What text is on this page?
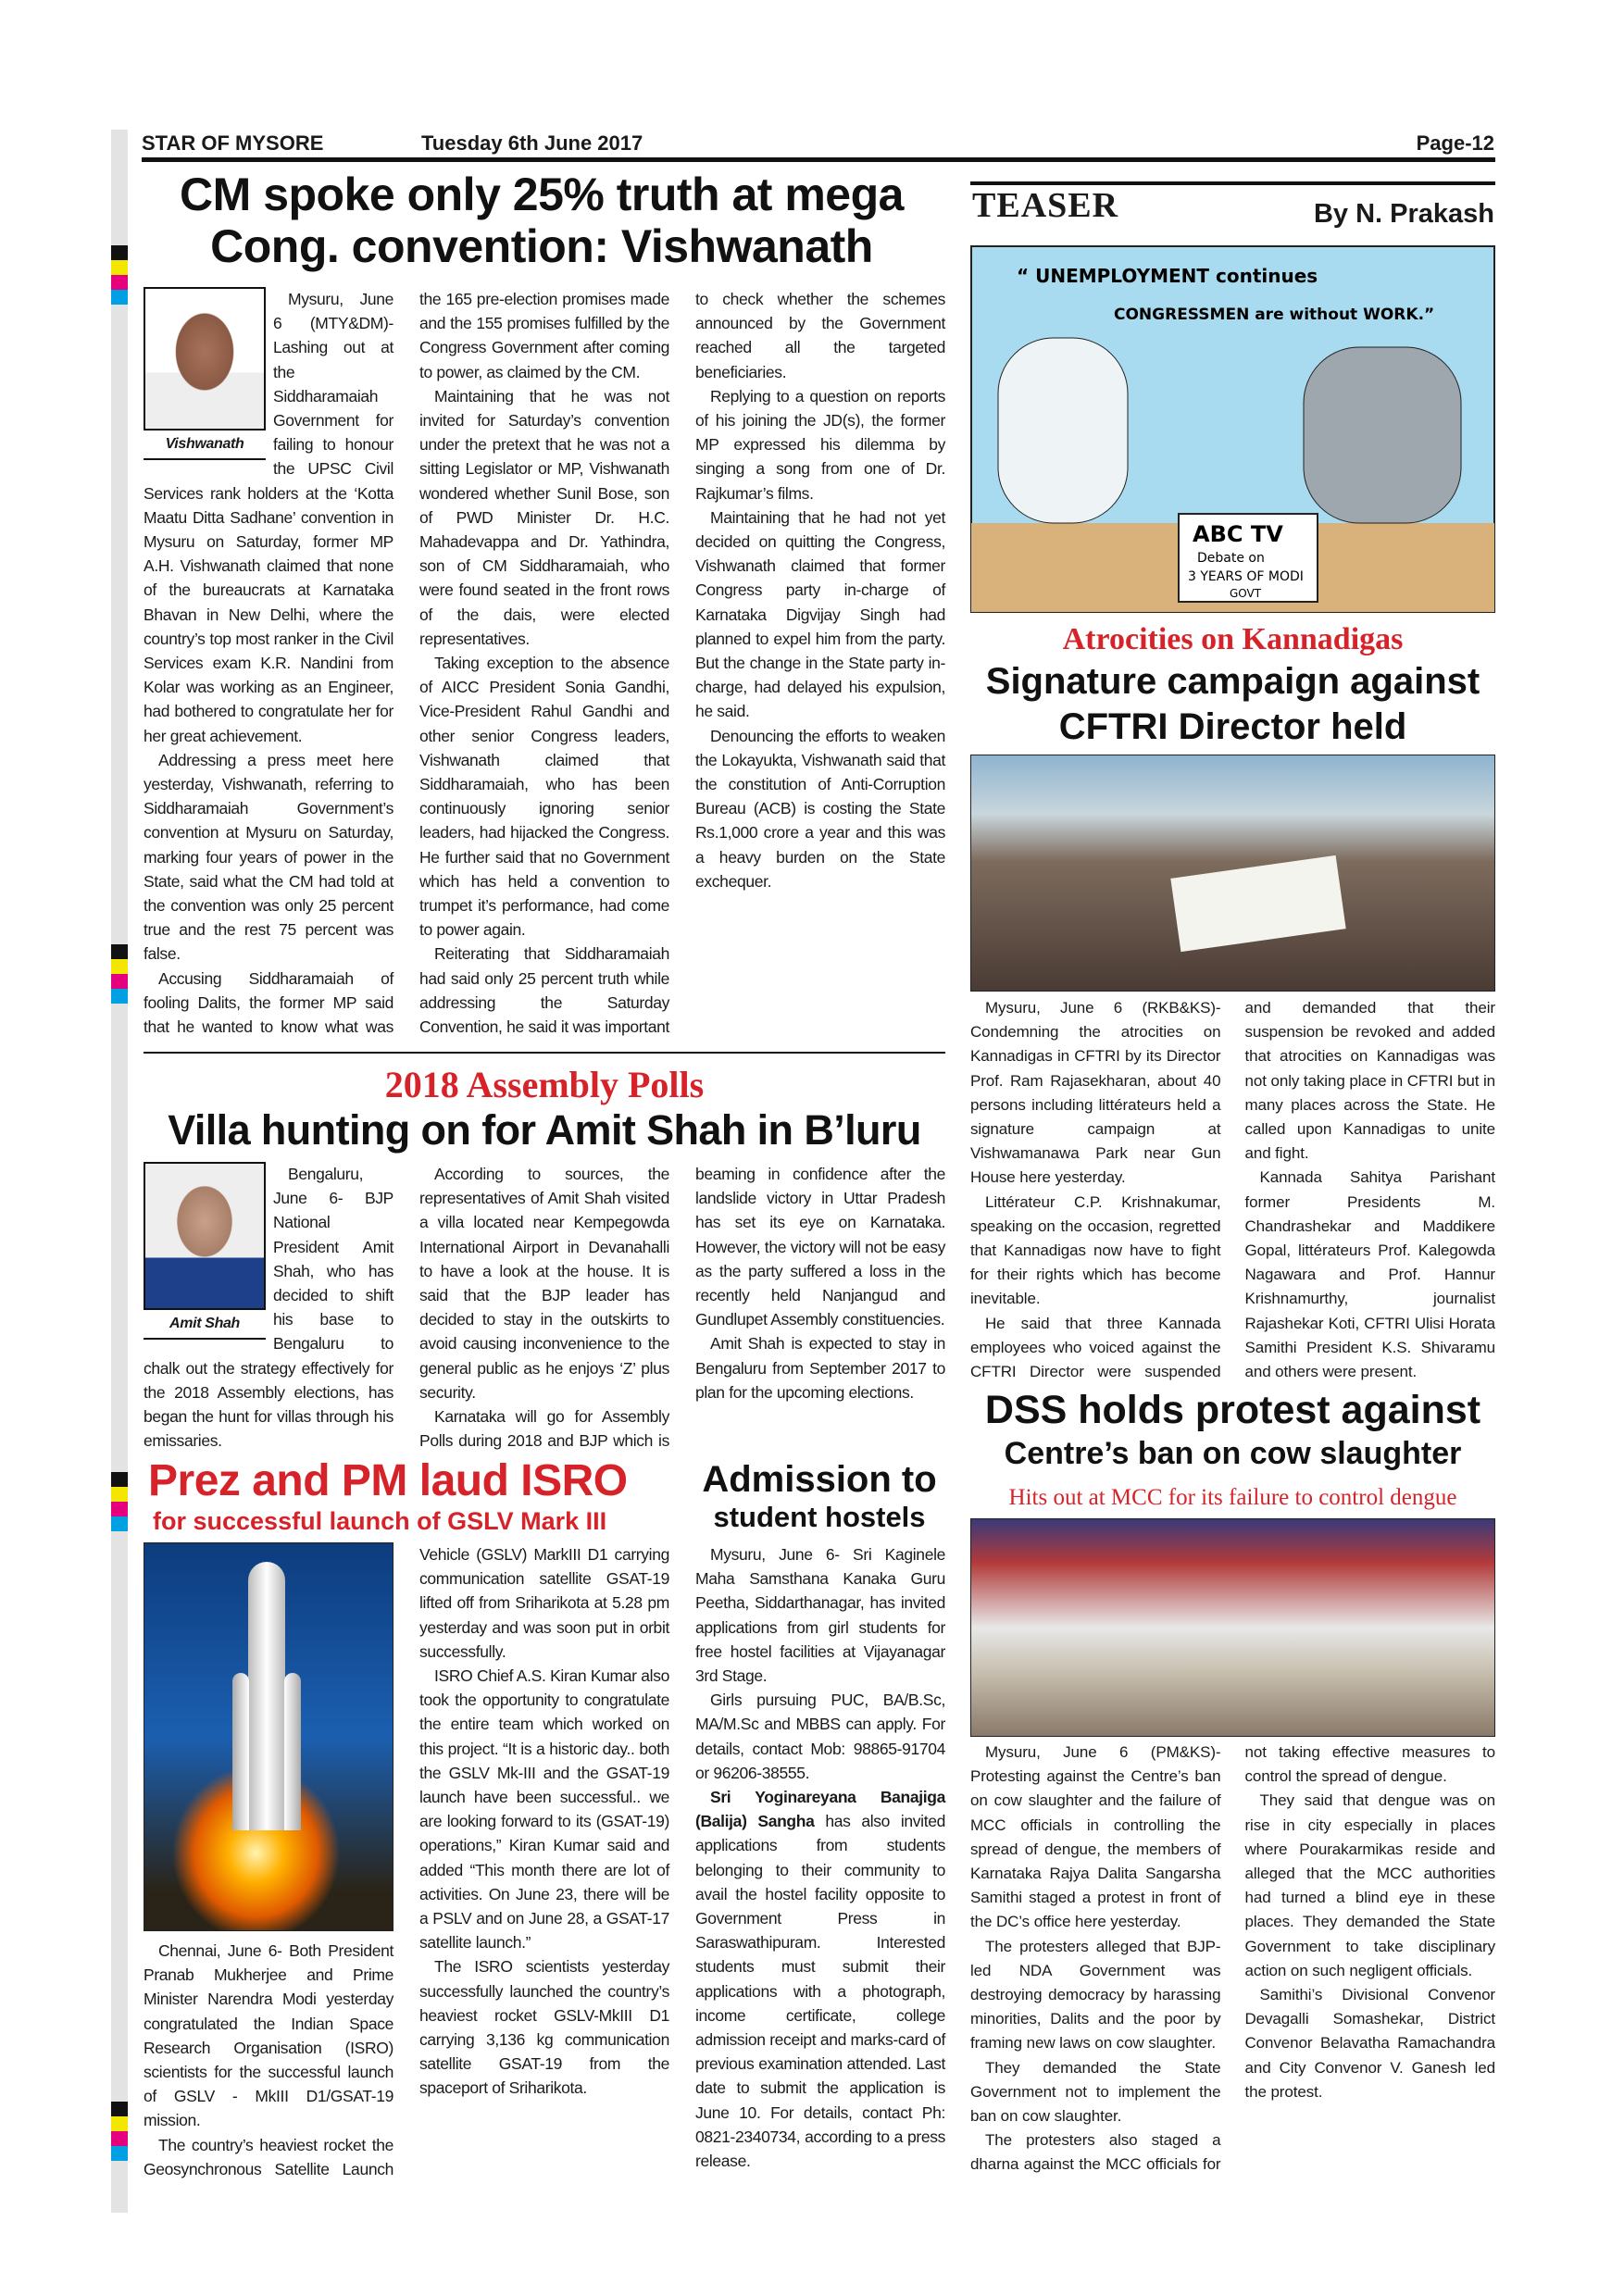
STAR OF MYSORE	Tuesday 6th June 2017	Page-12
CM spoke only 25% truth at mega
Cong. convention: Vishwanath
Vishwanath

Mysuru, June 6 (MTY&DM)- Lashing out at the Siddharamaiah Government for failing to honour the UPSC Civil Services rank holders at the ‘Kotta Maatu Ditta Sadhane’ convention in Mysuru on Saturday, former MP A.H. Vishwanath claimed that none of the bureaucrats at Karnataka Bhavan in New Delhi, where the country’s top most ranker in the Civil Services exam K.R. Nandini from Kolar was working as an Engineer, had bothered to congratulate her for her great achievement.

Addressing a press meet here yesterday, Vishwanath, referring to Siddharamaiah Government’s convention at Mysuru on Saturday, marking four years of power in the State, said what the CM had told at the convention was only 25 percent true and the rest 75 percent was false.

Accusing Siddharamaiah of fooling Dalits, the former MP said that he wanted to know what was the 165 pre-election promises made and the 155 promises fulfilled by the Congress Government after coming to power, as claimed by the CM.

Maintaining that he was not invited for Saturday’s convention under the pretext that he was not a sitting Legislator or MP, Vishwanath wondered whether Sunil Bose, son of PWD Minister Dr. H.C. Mahadevappa and Dr. Yathindra, son of CM Siddharamaiah, who were found seated in the front rows of the dais, were elected representatives.

Taking exception to the absence of AICC President Sonia Gandhi, Vice-President Rahul Gandhi and other senior Congress leaders, Vishwanath claimed that Siddharamaiah, who has been continuously ignoring senior leaders, had hijacked the Congress. He further said that no Government which has held a convention to trumpet it’s performance, had come to power again.

Reiterating that Siddharamaiah had said only 25 percent truth while addressing the Saturday Convention, he said it was important to check whether the schemes announced by the Government reached all the targeted beneficiaries.

Replying to a question on reports of his joining the JD(s), the former MP expressed his dilemma by singing a song from one of Dr. Rajkumar’s films.

Maintaining that he had not yet decided on quitting the Congress, Vishwanath claimed that former Congress party in-charge of Karnataka Digvijay Singh had planned to expel him from the party. But the change in the State party in-charge, had delayed his expulsion, he said.

Denouncing the efforts to weaken the Lokayukta, Vishwanath said that the constitution of Anti-Corruption Bureau (ACB) is costing the State Rs.1,000 crore a year and this was a heavy burden on the State exchequer.

2018 Assembly Polls
Villa hunting on for Amit Shah in B’luru
Amit Shah

Bengaluru, June 6- BJP National President Amit Shah, who has decided to shift his base to Bengaluru to chalk out the strategy effectively for the 2018 Assembly elections, has began the hunt for villas through his emissaries.

According to sources, the representatives of Amit Shah visited a villa located near Kempegowda International Airport in Devanahalli to have a look at the house. It is said that the BJP leader has decided to stay in the outskirts to avoid causing inconvenience to the general public as he enjoys ‘Z’ plus security.

Karnataka will go for Assembly Polls during 2018 and BJP which is beaming in confidence after the landslide victory in Uttar Pradesh has set its eye on Karnataka. However, the victory will not be easy as the party suffered a loss in the recently held Nanjangud and Gundlupet Assembly constituencies.

Amit Shah is expected to stay in Bengaluru from September 2017 to plan for the upcoming elections.

Prez and PM laud ISRO
for successful launch of GSLV Mark III

Chennai, June 6- Both President Pranab Mukherjee and Prime Minister Narendra Modi yesterday congratulated the Indian Space Research Organisation (ISRO) scientists for the successful launch of GSLV - MkIII D1/GSAT-19 mission.

The country’s heaviest rocket the Geosynchronous Satellite Launch Vehicle (GSLV) MarkIII D1 carrying communication satellite GSAT-19 lifted off from Sriharikota at 5.28 pm yesterday and was soon put in orbit successfully.

ISRO Chief A.S. Kiran Kumar also took the opportunity to congratulate the entire team which worked on this project. “It is a historic day.. both the GSLV Mk-III and the GSAT-19 launch have been successful.. we are looking forward to its (GSAT-19) operations,” Kiran Kumar said and added “This month there are lot of activities. On June 23, there will be a PSLV and on June 28, a GSAT-17 satellite launch.”

The ISRO scientists yesterday successfully launched the country’s heaviest rocket GSLV-MkIII D1 carrying 3,136 kg communication satellite GSAT-19 from the spaceport of Sriharikota.

Admission to
student hostels

Mysuru, June 6- Sri Kaginele Maha Samsthana Kanaka Guru Peetha, Siddarthanagar, has invited applications from girl students for free hostel facilities at Vijayanagar 3rd Stage.

Girls pursuing PUC, BA/B.Sc, MA/M.Sc and MBBS can apply. For details, contact Mob: 98865-91704 or 96206-38555.

Sri Yoginareyana Banajiga (Balija) Sangha has also invited applications from students belonging to their community to avail the hostel facility opposite to Government Press in Saraswathipuram. Interested students must submit their applications with a photograph, income certificate, college admission receipt and marks-card of previous examination attended. Last date to submit the application is June 10. For details, contact Ph: 0821-2340734, according to a press release.

TEASER	By N. Prakash
“ UNEMPLOYMENT continues
CONGRESSMEN are without WORK.”
ABC TV
Debate on
3 YEARS OF MODI
GOVT
Atrocities on Kannadigas
Signature campaign against
CFTRI Director held

Mysuru, June 6 (RKB&KS)- Condemning the atrocities on Kannadigas in CFTRI by its Director Prof. Ram Rajasekharan, about 40 persons including littérateurs held a signature campaign at Vishwamanawa Park near Gun House here yesterday.

Littérateur C.P. Krishnakumar, speaking on the occasion, regretted that Kannadigas now have to fight for their rights which has become inevitable.

He said that three Kannada employees who voiced against the CFTRI Director were suspended and demanded that their suspension be revoked and added that atrocities on Kannadigas was not only taking place in CFTRI but in many places across the State. He called upon Kannadigas to unite and fight.

Kannada Sahitya Parishant former Presidents M. Chandrashekar and Maddikere Gopal, littérateurs Prof. Kalegowda Nagawara and Prof. Hannur Krishnamurthy, journalist Rajashekar Koti, CFTRI Ulisi Horata Samithi President K.S. Shivaramu and others were present.

DSS holds protest against
Centre’s ban on cow slaughter
Hits out at MCC for its failure to control dengue

Mysuru, June 6 (PM&KS)- Protesting against the Centre’s ban on cow slaughter and the failure of MCC officials in controlling the spread of dengue, the members of Karnataka Rajya Dalita Sangarsha Samithi staged a protest in front of the DC’s office here yesterday.

The protesters alleged that BJP-led NDA Government was destroying democracy by harassing minorities, Dalits and the poor by framing new laws on cow slaughter.

They demanded the State Government not to implement the ban on cow slaughter.

The protesters also staged a dharna against the MCC officials for not taking effective measures to control the spread of dengue.

They said that dengue was on rise in city especially in places where Pourakarmikas reside and alleged that the MCC authorities had turned a blind eye in these places. They demanded the State Government to take disciplinary action on such negligent officials.

Samithi’s Divisional Convenor Devagalli Somashekar, District Convenor Belavatha Ramachandra and City Convenor V. Ganesh led the protest.
